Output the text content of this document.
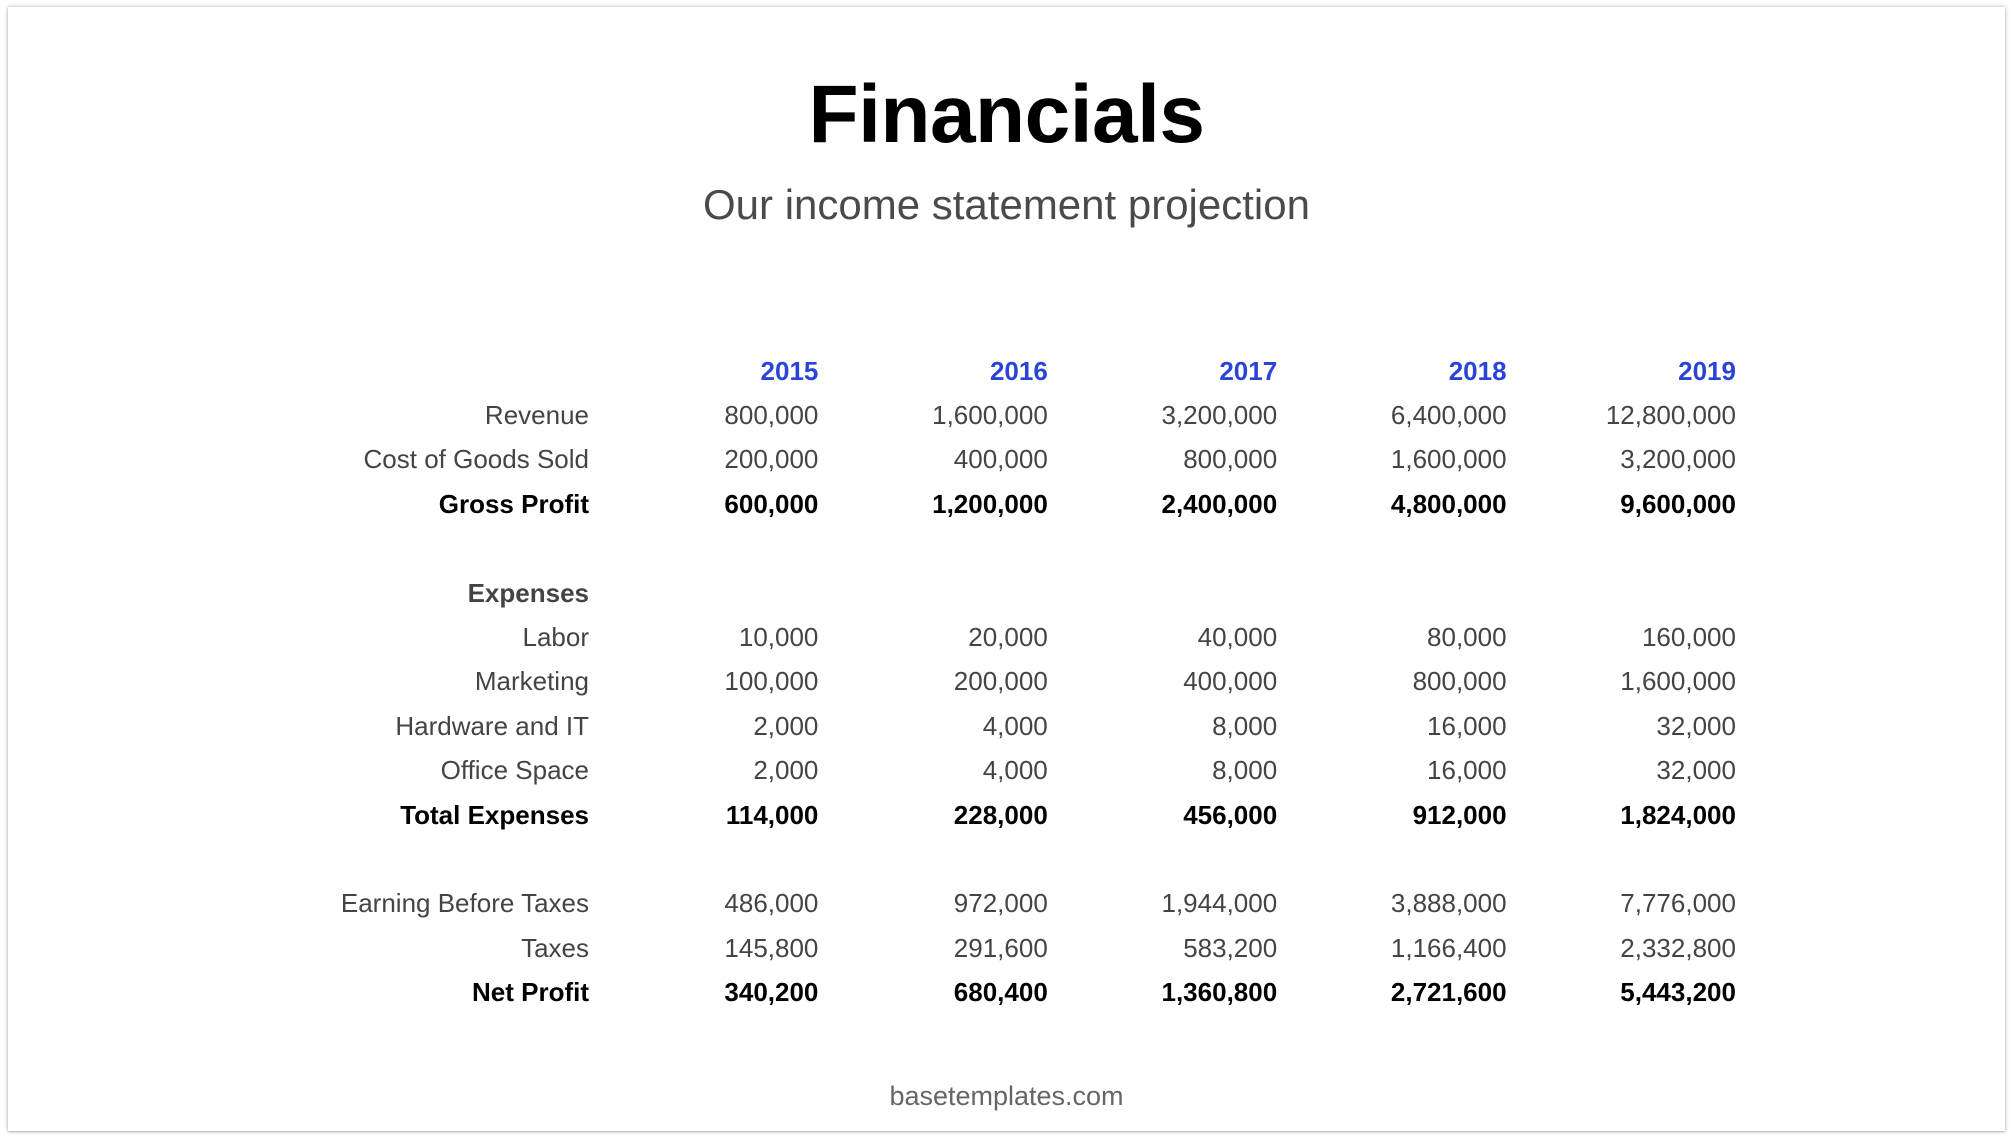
Financials
Our income statement projection
	2015	2016	2017	2018	2019
Revenue	800,000	1,600,000	3,200,000	6,400,000	12,800,000
Cost of Goods Sold	200,000	400,000	800,000	1,600,000	3,200,000
Gross Profit	600,000	1,200,000	2,400,000	4,800,000	9,600,000

Expenses					
Labor	10,000	20,000	40,000	80,000	160,000
Marketing	100,000	200,000	400,000	800,000	1,600,000
Hardware and IT	2,000	4,000	8,000	16,000	32,000
Office Space	2,000	4,000	8,000	16,000	32,000
Total Expenses	114,000	228,000	456,000	912,000	1,824,000

Earning Before Taxes	486,000	972,000	1,944,000	3,888,000	7,776,000
Taxes	145,800	291,600	583,200	1,166,400	2,332,800
Net Profit	340,200	680,400	1,360,800	2,721,600	5,443,200
basetemplates.com
